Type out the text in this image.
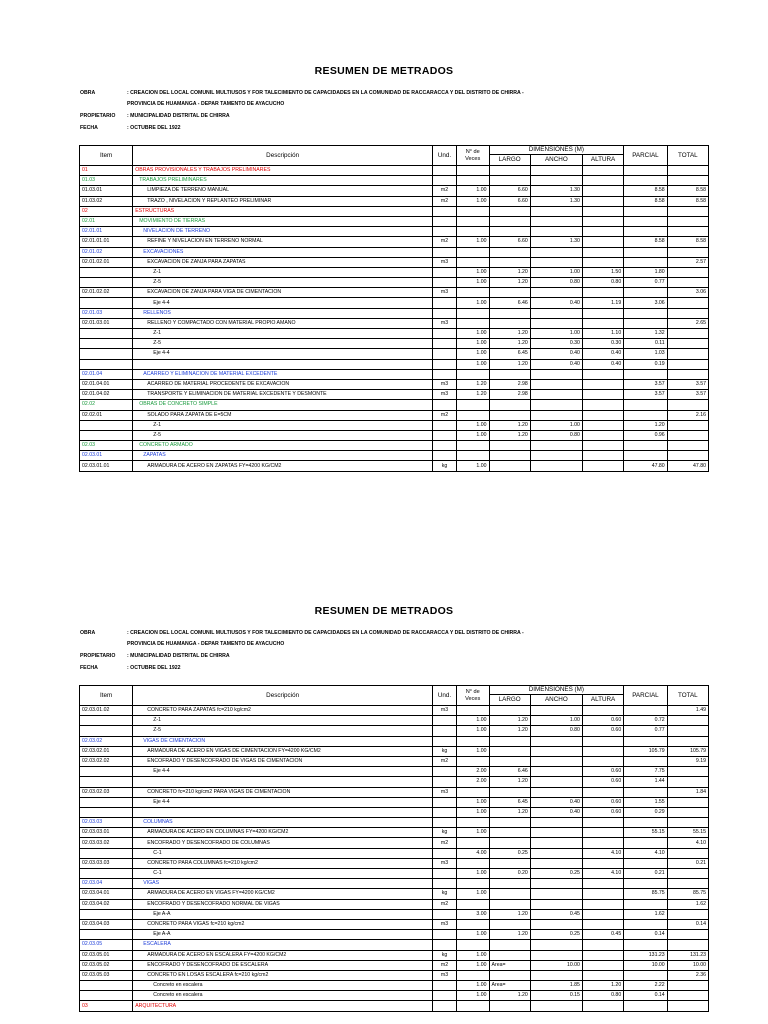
RESUMEN DE METRADOS
OBRA	: CREACION DEL LOCAL COMUNIL MULTIUSOS Y FOR TALECIMIENTO DE CAPACIDADES EN LA COMUNIDAD DE RACCARACCA Y DEL DISTRITO DE CHIRRA -
PROVINCIA DE HUAMANGA - DEPAR TAMENTO DE AYACUCHO
PROPIETARIO	: MUNICIPALIDAD DISTRITAL DE CHIRRA
FECHA	: OCTUBRE DEL 1922
Item	Descripción	Und.	N° de Veces	DIMENSIONES (M)			PARCIAL	TOTAL
				LARGO	ANCHO	ALTURA		
01	OBRAS PROVISIONALES Y TRABAJOS PRELIMINARES							
01.03	TRABAJOS PRELIMINARES							
01.03.01	LIMPIEZA DE TERRENO MANUAL	m2	1.00	6.60	1.30		8.58	8.58
01.03.02	TRAZO , NIVELACION Y REPLANTEO PRELIMINAR	m2	1.00	6.60	1.30		8.58	8.58
02	ESTRUCTURAS							
02.01	MOVIMIENTO DE TIERRAS							
02.01.01	NIVELACION DE TERRENO							
02.01.01.01	REFINE Y NIVELACION EN TERRENO NORMAL	m2	1.00	6.60	1.30		8.58	8.58
02.01.02	EXCAVACIONES							
02.01.02.01	EXCAVACION DE ZANJA PARA ZAPATAS	m3						2.57
	Z-1		1.00	1.20	1.00	1.50	1.80	
	Z-5		1.00	1.20	0.80	0.80	0.77	
02.01.02.02	EXCAVACION DE ZANJA PARA VIGA DE CIMENTACION	m3						3.06
	Eje 4-4		1.00	6.46	0.40	1.19	3.06	
02.01.03	RELLENOS							
02.01.03.01	RELLENO Y COMPACTADO CON MATERIAL PROPIO AMANO	m3						2.65
	Z-1		1.00	1.20	1.00	1.10	1.32	
	Z-5		1.00	1.20	0.30	0.30	0.11	
	Eje 4-4		1.00	6.45	0.40	0.40	1.03	
			1.00	1.20	0.40	0.40	0.19	
02.01.04	ACARREO Y ELIMINACION DE MATERIAL EXCEDENTE							
02.01.04.01	ACARREO DE MATERIAL PROCEDENTE DE EXCAVACION	m3	1.20	2.98			3.57	3.57
02.01.04.02	TRANSPORTE Y ELIMINACION DE MATERIAL EXCEDENTE Y DESMONTE	m3	1.20	2.98			3.57	3.57
02.02	OBRAS DE CONCRETO SIMPLE							
02.02.01	SOLADO PARA ZAPATA DE E=5CM	m2						2.16
	Z-1		1.00	1.20	1.00		1.20	
	Z-5		1.00	1.20	0.80		0.96	
02.03	CONCRETO ARMADO							
02.03.01	ZAPATAS							
02.03.01.01	ARMADURA DE ACERO EN ZAPATAS FY=4200 KG/CM2	kg	1.00				47.80	47.80
RESUMEN DE METRADOS
OBRA	: CREACION DEL LOCAL COMUNIL MULTIUSOS Y FOR TALECIMIENTO DE CAPACIDADES EN LA COMUNIDAD DE RACCARACCA Y DEL DISTRITO DE CHIRRA -
PROVINCIA DE HUAMANGA - DEPAR TAMENTO DE AYACUCHO
PROPIETARIO	: MUNICIPALIDAD DISTRITAL DE CHIRRA
FECHA	: OCTUBRE DEL 1922
Item	Descripción	Und.	N° de Veces	DIMENSIONES (M)			PARCIAL	TOTAL
				LARGO	ANCHO	ALTURA		
02.03.01.02	CONCRETO PARA ZAPATAS fc=210 kg/cm2	m3						1.49
	Z-1		1.00	1.20	1.00	0.60	0.72	
	Z-5		1.00	1.20	0.80	0.60	0.77	
02.03.02	VIGAS DE CIMENTACION							
02.03.02.01	ARMADURA DE ACERO EN VIGAS DE CIMENTACION FY=4200 KG/CM2	kg	1.00				105.79	105.79
02.03.02.02	ENCOFRADO Y DESENCOFRADO DE VIGAS DE CIMENTACION	m2						9.19
	Eje 4-4		2.00	6.46		0.60	7.75	
			2.00	1.20		0.60	1.44	
02.03.02.03	CONCRETO fc=210 kg/cm2 PARA VIGAS DE CIMENTACION	m3						1.84
	Eje 4-4		1.00	6.45	0.40	0.60	1.55	
			1.00	1.20	0.40	0.60	0.29	
02.03.03	COLUMNAS							
02.03.03.01	ARMADURA DE ACERO EN COLUMNAS FY=4200 KG/CM2	kg	1.00				55.15	55.15
02.03.03.02	ENCOFRADO Y DESENCOFRADO DE COLUMNAS	m2						4.10
	C-1		4.00	0.25		4.10	4.10	
02.03.03.03	CONCRETO PARA COLUMNAS fc=210 kg/cm2	m3						0.21
	C-1		1.00	0.20	0.25	4.10	0.21	
02.03.04	VIGAS							
02.03.04.01	ARMADURA DE ACERO EN VIGAS FY=4200 KG/CM2	kg	1.00				85.75	85.75
02.03.04.02	ENCOFRADO Y DESENCOFRADO NORMAL DE VIGAS	m2						1.62
	Eje A-A		3.00	1.20	0.45		1.62	
02.03.04.03	CONCRETO PARA VIGAS fc=210 kg/cm2	m3						0.14
	Eje A-A		1.00	1.20	0.25	0.45	0.14	
02.03.05	ESCALERA							
02.03.05.01	ARMADURA DE ACERO EN ESCALERA FY=4200 KG/CM2	kg	1.00				131.23	131.23
02.03.05.02	ENCOFRADO Y DESENCOFRADO DE ESCALERA	m2	1.00	Area=	10.00		10.00	10.00
02.03.05.03	CONCRETO EN LOSAS ESCALERA fc=210 kg/cm2	m3						2.36
	Concreto en escalera		1.00	Area=	1.85	1.20	2.22	
	Concreto en escalera		1.00	1.20	0.15	0.80	0.14	
03	ARQUITECTURA							
